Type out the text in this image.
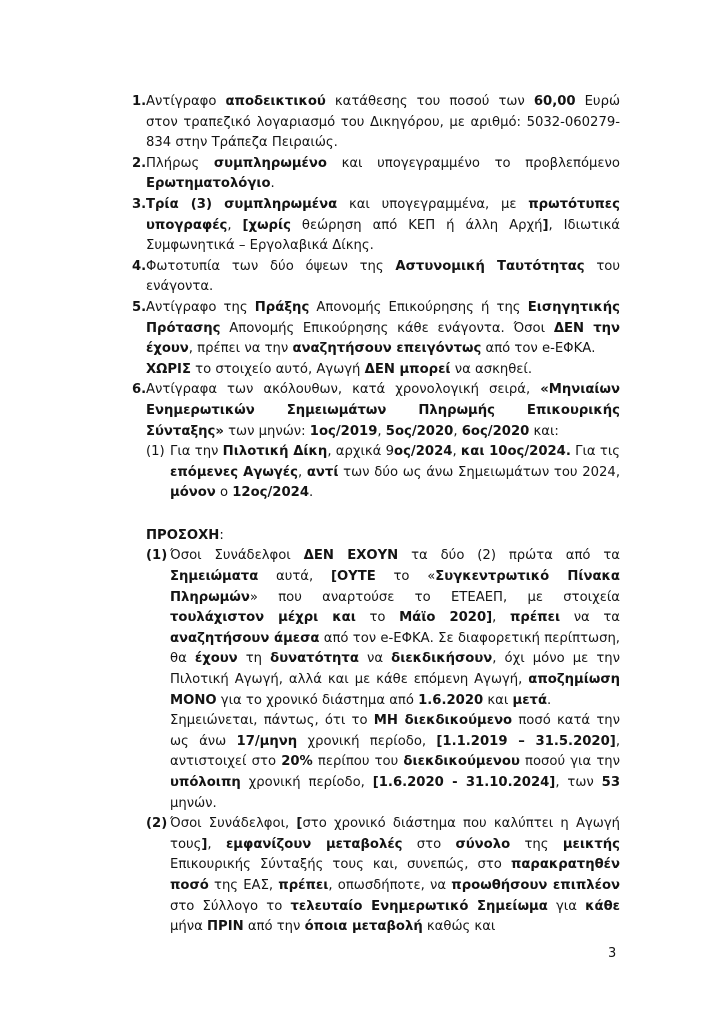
1. Αντίγραφο αποδεικτικού κατάθεσης του ποσού των 60,00 Ευρώ στον τραπεζικό λογαριασμό του Δικηγόρου, με αριθμό: 5032-060279-834 στην Τράπεζα Πειραιώς.

2. Πλήρως συμπληρωμένο και υπογεγραμμένο το προβλεπόμενο Ερωτηματολόγιο.

3. Τρία (3) συμπληρωμένα και υπογεγραμμένα, με πρωτότυπες υπογραφές, [χωρίς θεώρηση από ΚΕΠ ή άλλη Αρχή], Ιδιωτικά Συμφωνητικά – Εργολαβικά Δίκης.

4. Φωτοτυπία των δύο όψεων της Αστυνομική Ταυτότητας του ενάγοντα.

5. Αντίγραφο της Πράξης Απονομής Επικούρησης ή της Εισηγητικής Πρότασης Απονομής Επικούρησης κάθε ενάγοντα. Όσοι ΔΕΝ την έχουν, πρέπει να την αναζητήσουν επειγόντως από τον e-ΕΦΚΑ.

ΧΩΡΙΣ το στοιχείο αυτό, Αγωγή ΔΕΝ μπορεί να ασκηθεί.

6. Αντίγραφα των ακόλουθων, κατά χρονολογική σειρά, «Μηνιαίων Ενημερωτικών Σημειωμάτων Πληρωμής Επικουρικής Σύνταξης» των μηνών: 1ος/2019, 5ος/2020, 6ος/2020 και:

(1) Για την Πιλοτική Δίκη, αρχικά 9ος/2024, και 10ος/2024. Για τις επόμενες Αγωγές, αντί των δύο ως άνω Σημειωμάτων του 2024, μόνον ο 12ος/2024.

ΠΡΟΣΟΧΗ:
(1) Όσοι Συνάδελφοι ΔΕΝ ΕΧΟΥΝ τα δύο (2) πρώτα από τα Σημειώματα αυτά, [ΟΥΤΕ το «Συγκεντρωτικό Πίνακα Πληρωμών» που αναρτούσε το ΕΤΕΑΕΠ, με στοιχεία τουλάχιστον μέχρι και το Μάϊο 2020], πρέπει να τα αναζητήσουν άμεσα από τον e-ΕΦΚΑ. Σε διαφορετική περίπτωση, θα έχουν τη δυνατότητα να διεκδικήσουν, όχι μόνο με την Πιλοτική Αγωγή, αλλά και με κάθε επόμενη Αγωγή, αποζημίωση ΜΟΝΟ για το χρονικό διάστημα από 1.6.2020 και μετά.

Σημειώνεται, πάντως, ότι το ΜΗ διεκδικούμενο ποσό κατά την ως άνω 17/μηνη χρονική περίοδο, [1.1.2019 – 31.5.2020], αντιστοιχεί στο 20% περίπου του διεκδικούμενου ποσού για την υπόλοιπη χρονική περίοδο, [1.6.2020 - 31.10.2024], των 53 μηνών.

(2) Όσοι Συνάδελφοι, [στο χρονικό διάστημα που καλύπτει η Αγωγή τους], εμφανίζουν μεταβολές στο σύνολο της μεικτής Επικουρικής Σύνταξής τους και, συνεπώς, στο παρακρατηθέν ποσό της ΕΑΣ, πρέπει, οπωσδήποτε, να προωθήσουν επιπλέον στο Σύλλογο το τελευταίο Ενημερωτικό Σημείωμα για κάθε μήνα ΠΡΙΝ από την όποια μεταβολή καθώς και

3
